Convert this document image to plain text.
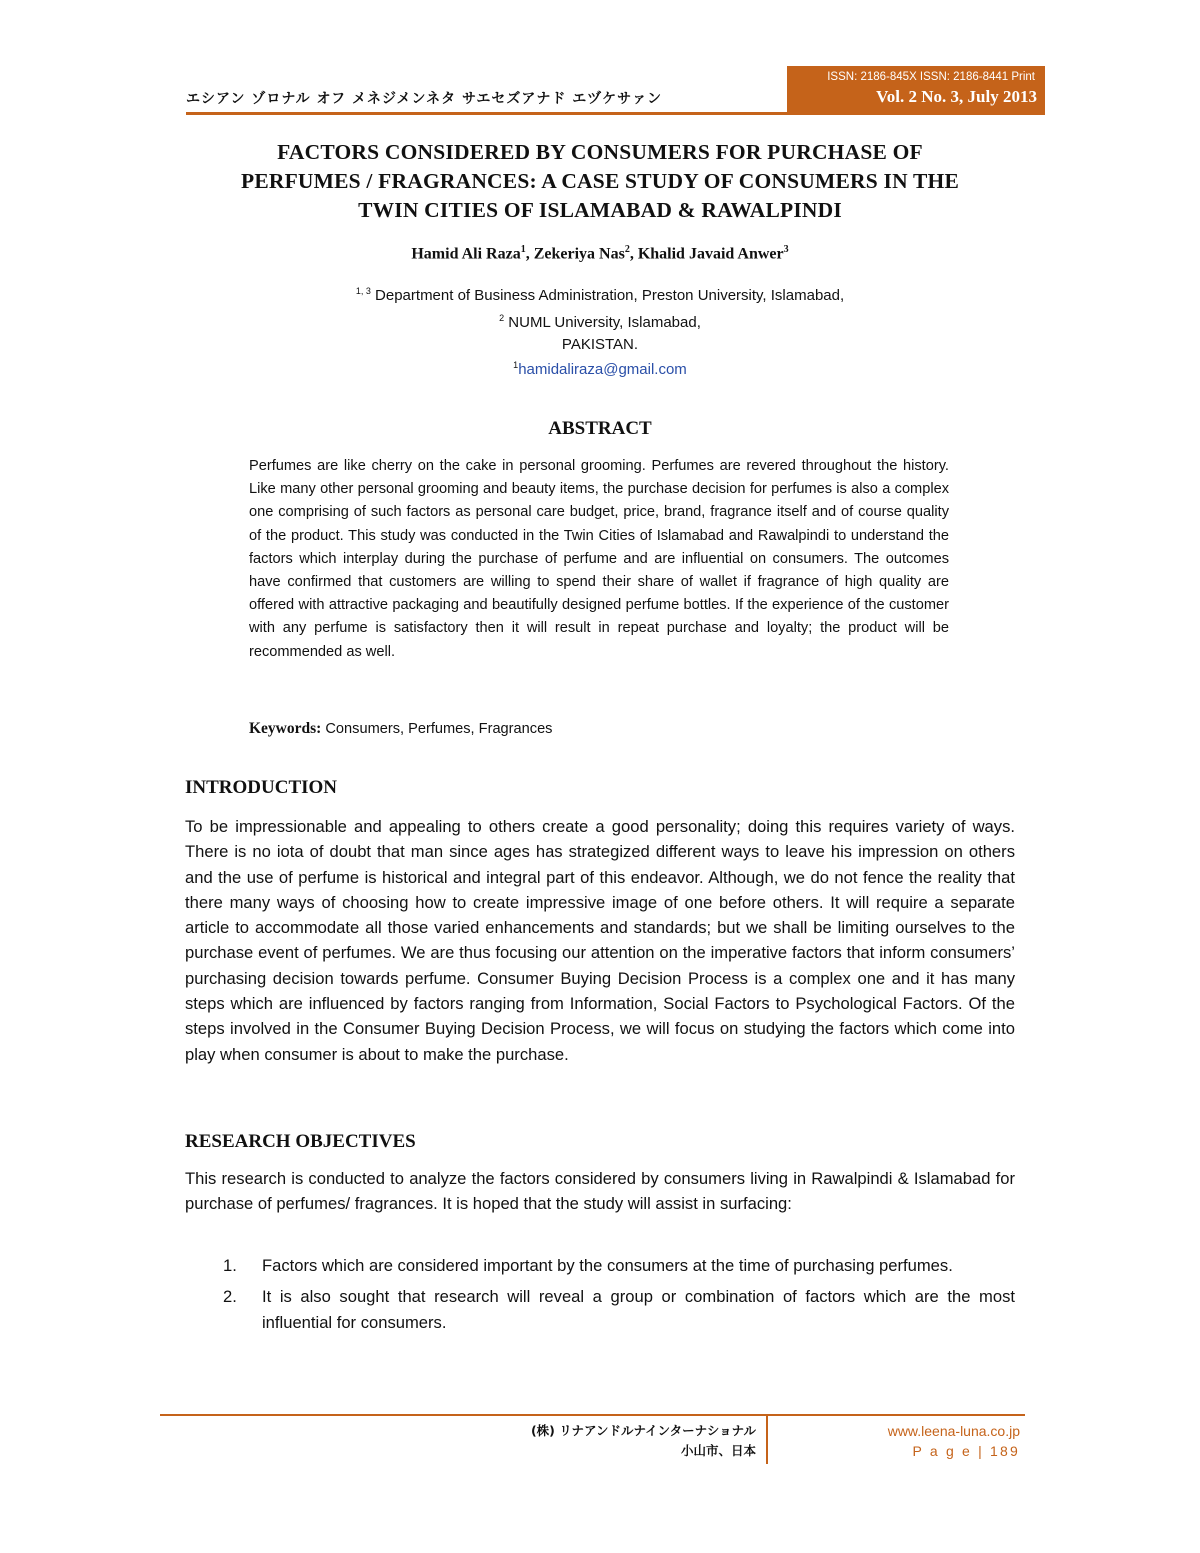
エシアン ゾロナル オフ メネジメンネタ サエセズアナド エヅケサァン
ISSN: 2186-845X ISSN: 2186-8441 Print
Vol. 2 No. 3, July 2013
FACTORS CONSIDERED BY CONSUMERS FOR PURCHASE OF
PERFUMES / FRAGRANCES: A CASE STUDY OF CONSUMERS IN THE
TWIN CITIES OF ISLAMABAD & RAWALPINDI
Hamid Ali Raza$^1$, Zekeriya Nas$^2$, Khalid Javaid Anwer$^3$
$^{1, 3}$ Department of Business Administration, Preston University, Islamabad,
$^2$ NUML University, Islamabad,
PAKISTAN.
$^1$hamidaliraza@gmail.com
ABSTRACT

Perfumes are like cherry on the cake in personal grooming. Perfumes are revered throughout the history. Like many other personal grooming and beauty items, the purchase decision for perfumes is also a complex one comprising of such factors as personal care budget, price, brand, fragrance itself and of course quality of the product. This study was conducted in the Twin Cities of Islamabad and Rawalpindi to understand the factors which interplay during the purchase of perfume and are influential on consumers. The outcomes have confirmed that customers are willing to spend their share of wallet if fragrance of high quality are offered with attractive packaging and beautifully designed perfume bottles. If the experience of the customer with any perfume is satisfactory then it will result in repeat purchase and loyalty; the product will be recommended as well.

Keywords: Consumers, Perfumes, Fragrances
INTRODUCTION

To be impressionable and appealing to others create a good personality; doing this requires variety of ways. There is no iota of doubt that man since ages has strategized different ways to leave his impression on others and the use of perfume is historical and integral part of this endeavor. Although, we do not fence the reality that there many ways of choosing how to create impressive image of one before others. It will require a separate article to accommodate all those varied enhancements and standards; but we shall be limiting ourselves to the purchase event of perfumes. We are thus focusing our attention on the imperative factors that inform consumers’ purchasing decision towards perfume. Consumer Buying Decision Process is a complex one and it has many steps which are influenced by factors ranging from Information, Social Factors to Psychological Factors. Of the steps involved in the Consumer Buying Decision Process, we will focus on studying the factors which come into play when consumer is about to make the purchase.

RESEARCH OBJECTIVES

This research is conducted to analyze the factors considered by consumers living in Rawalpindi & Islamabad for purchase of perfumes/ fragrances. It is hoped that the study will assist in surfacing:

1. Factors which are considered important by the consumers at the time of purchasing perfumes.
2. It is also sought that research will reveal a group or combination of factors which are the most influential for consumers.
(株) リナアンドルナインターナショナル
小山市、日本
www.leena-luna.co.jp
P a g e | 189
